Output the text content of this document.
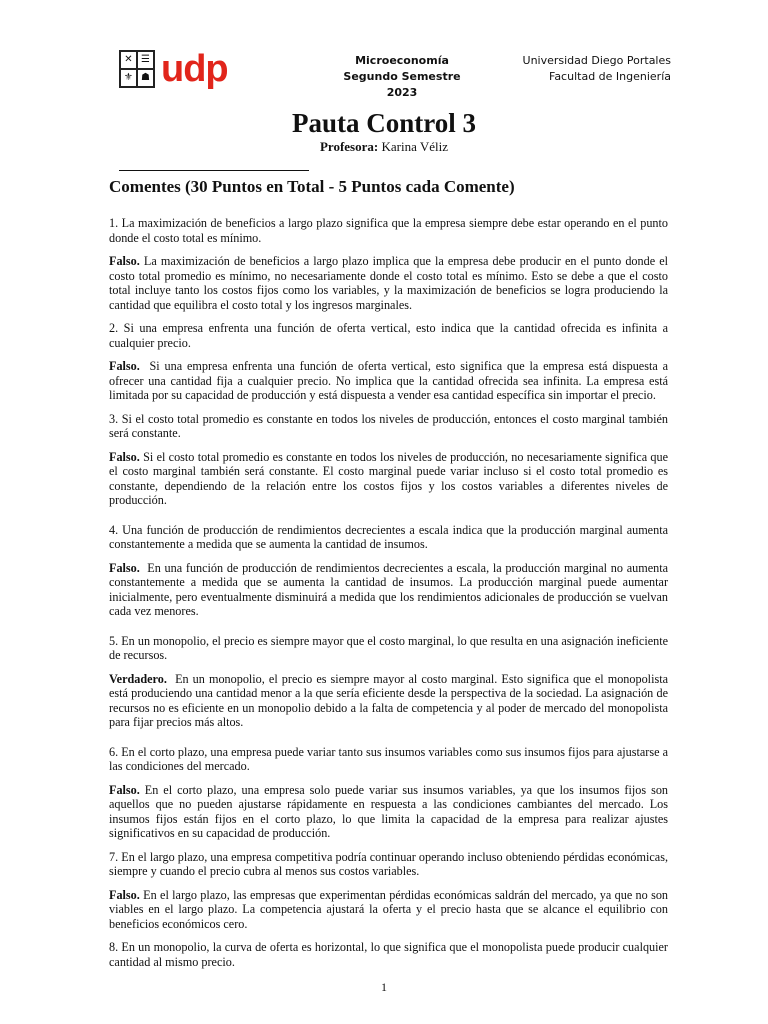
✕ ☰
⚜ ☗ udp	Microeconomía
Segundo Semestre 2023
Universidad Diego Portales
Facultad de Ingeniería
Pauta Control 3
Profesora: Karina Véliz
Comentes (30 Puntos en Total - 5 Puntos cada Comente)

1. La maximización de beneficios a largo plazo significa que la empresa siempre debe estar operando en el punto donde el costo total es mínimo.

Falso. La maximización de beneficios a largo plazo implica que la empresa debe producir en el punto donde el costo total promedio es mínimo, no necesariamente donde el costo total es mínimo. Esto se debe a que el costo total incluye tanto los costos fijos como los variables, y la maximización de beneficios se logra produciendo la cantidad que equilibra el costo total y los ingresos marginales.

2. Si una empresa enfrenta una función de oferta vertical, esto indica que la cantidad ofrecida es infinita a cualquier precio.

Falso. Si una empresa enfrenta una función de oferta vertical, esto significa que la empresa está dispuesta a ofrecer una cantidad fija a cualquier precio. No implica que la cantidad ofrecida sea infinita. La empresa está limitada por su capacidad de producción y está dispuesta a vender esa cantidad específica sin importar el precio.

3. Si el costo total promedio es constante en todos los niveles de producción, entonces el costo marginal también será constante.

Falso. Si el costo total promedio es constante en todos los niveles de producción, no necesariamente significa que el costo marginal también será constante. El costo marginal puede variar incluso si el costo total promedio es constante, dependiendo de la relación entre los costos fijos y los costos variables a diferentes niveles de producción.

4. Una función de producción de rendimientos decrecientes a escala indica que la producción marginal aumenta constantemente a medida que se aumenta la cantidad de insumos.

Falso. En una función de producción de rendimientos decrecientes a escala, la producción marginal no aumenta constantemente a medida que se aumenta la cantidad de insumos. La producción marginal puede aumentar inicialmente, pero eventualmente disminuirá a medida que los rendimientos adicionales de producción se vuelvan cada vez menores.

5. En un monopolio, el precio es siempre mayor que el costo marginal, lo que resulta en una asignación ineficiente de recursos.

Verdadero. En un monopolio, el precio es siempre mayor al costo marginal. Esto significa que el monopolista está produciendo una cantidad menor a la que sería eficiente desde la perspectiva de la sociedad. La asignación de recursos no es eficiente en un monopolio debido a la falta de competencia y al poder de mercado del monopolista para fijar precios más altos.

6. En el corto plazo, una empresa puede variar tanto sus insumos variables como sus insumos fijos para ajustarse a las condiciones del mercado.

Falso. En el corto plazo, una empresa solo puede variar sus insumos variables, ya que los insumos fijos son aquellos que no pueden ajustarse rápidamente en respuesta a las condiciones cambiantes del mercado. Los insumos fijos están fijos en el corto plazo, lo que limita la capacidad de la empresa para realizar ajustes significativos en su capacidad de producción.

7. En el largo plazo, una empresa competitiva podría continuar operando incluso obteniendo pérdidas económicas, siempre y cuando el precio cubra al menos sus costos variables.

Falso. En el largo plazo, las empresas que experimentan pérdidas económicas saldrán del mercado, ya que no son viables en el largo plazo. La competencia ajustará la oferta y el precio hasta que se alcance el equilibrio con beneficios económicos cero.

8. En un monopolio, la curva de oferta es horizontal, lo que significa que el monopolista puede producir cualquier cantidad al mismo precio.

1
